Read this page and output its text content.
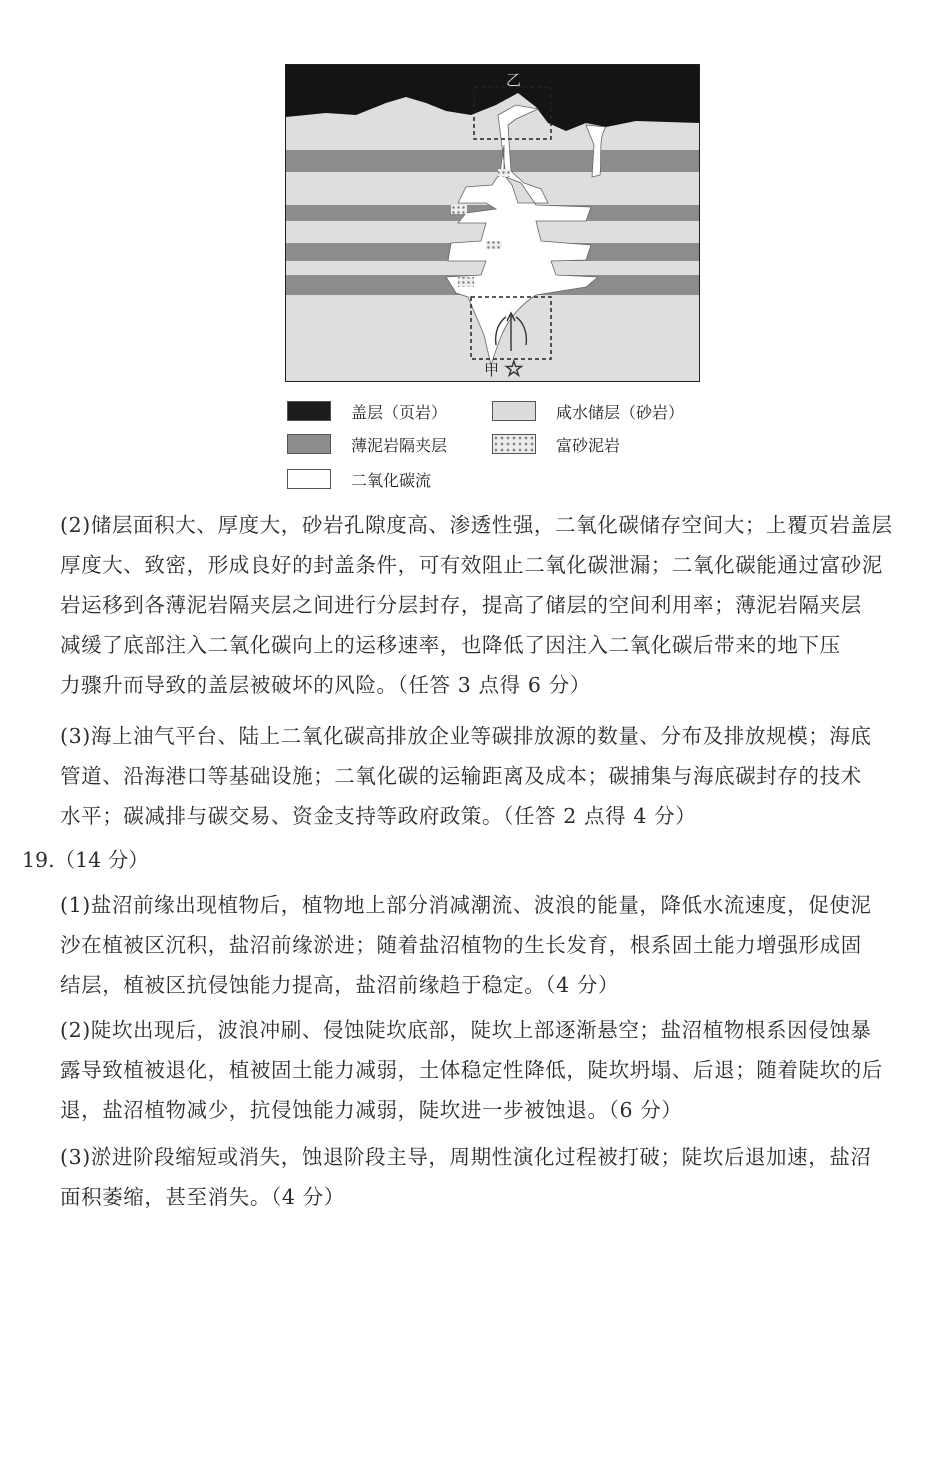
☆
乙
甲
盖层（页岩）	咸水储层（砂岩）
薄泥岩隔夹层	富砂泥岩
二氧化碳流
(2)储层面积大、厚度大，砂岩孔隙度高、渗透性强，二氧化碳储存空间大；上覆页岩盖层
厚度大、致密，形成良好的封盖条件，可有效阻止二氧化碳泄漏；二氧化碳能通过富砂泥
岩运移到各薄泥岩隔夹层之间进行分层封存，提高了储层的空间利用率；薄泥岩隔夹层
减缓了底部注入二氧化碳向上的运移速率，也降低了因注入二氧化碳后带来的地下压
力骤升而导致的盖层被破坏的风险。（任答 3 点得 6 分）
(3)海上油气平台、陆上二氧化碳高排放企业等碳排放源的数量、分布及排放规模；海底
管道、沿海港口等基础设施；二氧化碳的运输距离及成本；碳捕集与海底碳封存的技术
水平；碳减排与碳交易、资金支持等政府政策。（任答 2 点得 4 分）
19.（14 分）
(1)盐沼前缘出现植物后，植物地上部分消减潮流、波浪的能量，降低水流速度，促使泥
沙在植被区沉积，盐沼前缘淤进；随着盐沼植物的生长发育，根系固土能力增强形成固
结层，植被区抗侵蚀能力提高，盐沼前缘趋于稳定。（4 分）
(2)陡坎出现后，波浪冲刷、侵蚀陡坎底部，陡坎上部逐渐悬空；盐沼植物根系因侵蚀暴
露导致植被退化，植被固土能力减弱，土体稳定性降低，陡坎坍塌、后退；随着陡坎的后
退，盐沼植物减少，抗侵蚀能力减弱，陡坎进一步被蚀退。（6 分）
(3)淤进阶段缩短或消失，蚀退阶段主导，周期性演化过程被打破；陡坎后退加速，盐沼
面积萎缩，甚至消失。（4 分）
